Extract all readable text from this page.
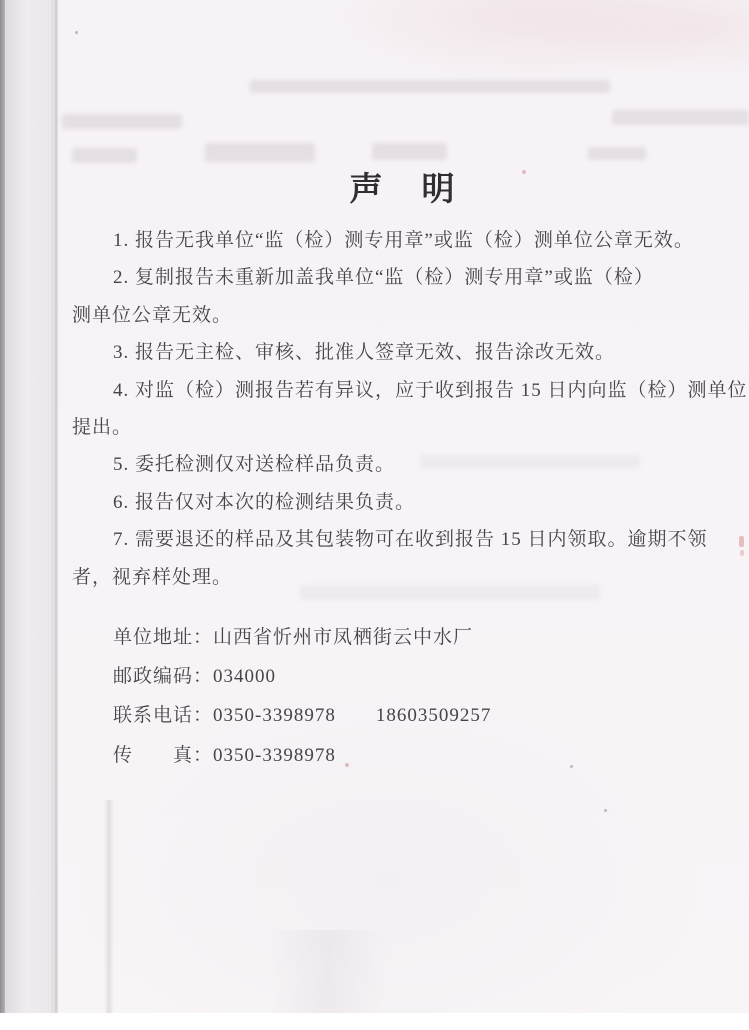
声　明
1. 报告无我单位“监（检）测专用章”或监（检）测单位公章无效。
2. 复制报告未重新加盖我单位“监（检）测专用章”或监（检）
测单位公章无效。
3. 报告无主检、审核、批准人签章无效、报告涂改无效。
4. 对监（检）测报告若有异议，应于收到报告 15 日内向监（检）测单位
提出。
5. 委托检测仅对送检样品负责。
6. 报告仅对本次的检测结果负责。
7. 需要退还的样品及其包装物可在收到报告 15 日内领取。逾期不领
者，视弃样处理。
单位地址：山西省忻州市凤栖街云中水厂
邮政编码：034000
联系电话：0350-3398978　　18603509257
传　　真：0350-3398978
